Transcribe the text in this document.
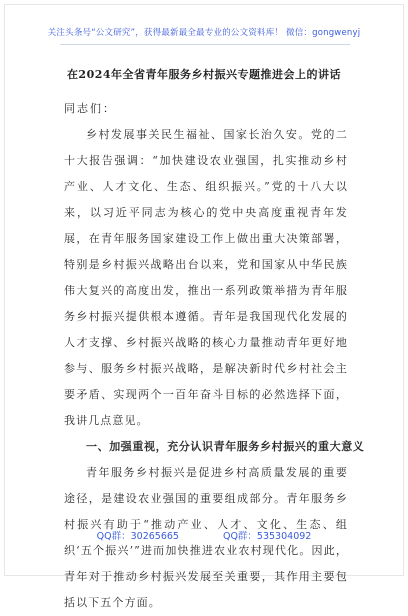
关注头条号“公文研究”，获得最新最全最专业的公文资料库！ 微信：gongwenyj
在2024年全省青年服务乡村振兴专题推进会上的讲话

同志们：

乡村发展事关民生福祉、国家长治久安。党的二十大报告强调：“加快建设农业强国，扎实推动乡村产业、人才文化、生态、组织振兴。”党的十八大以来，以习近平同志为核心的党中央高度重视青年发展，在青年服务国家建设工作上做出重大决策部署，特别是乡村振兴战略出台以来，党和国家从中华民族伟大复兴的高度出发，推出一系列政策举措为青年服务乡村振兴提供根本遵循。青年是我国现代化发展的人才支撑、乡村振兴战略的核心力量推动青年更好地参与、服务乡村振兴战略，是解决新时代乡村社会主要矛盾、实现两个一百年奋斗目标的必然选择下面，我讲几点意见。

一、加强重视，充分认识青年服务乡村振兴的重大意义

青年服务乡村振兴是促进乡村高质量发展的重要途径，是建设农业强国的重要组成部分。青年服务乡村振兴有助于“推动产业、人才、文化、生态、组织‘五个振兴’”进而加快推进农业农村现代化。因此，青年对于推动乡村振兴发展至关重要，其作用主要包括以下五个方面。

QQ群：30265665	QQ群：535304092
